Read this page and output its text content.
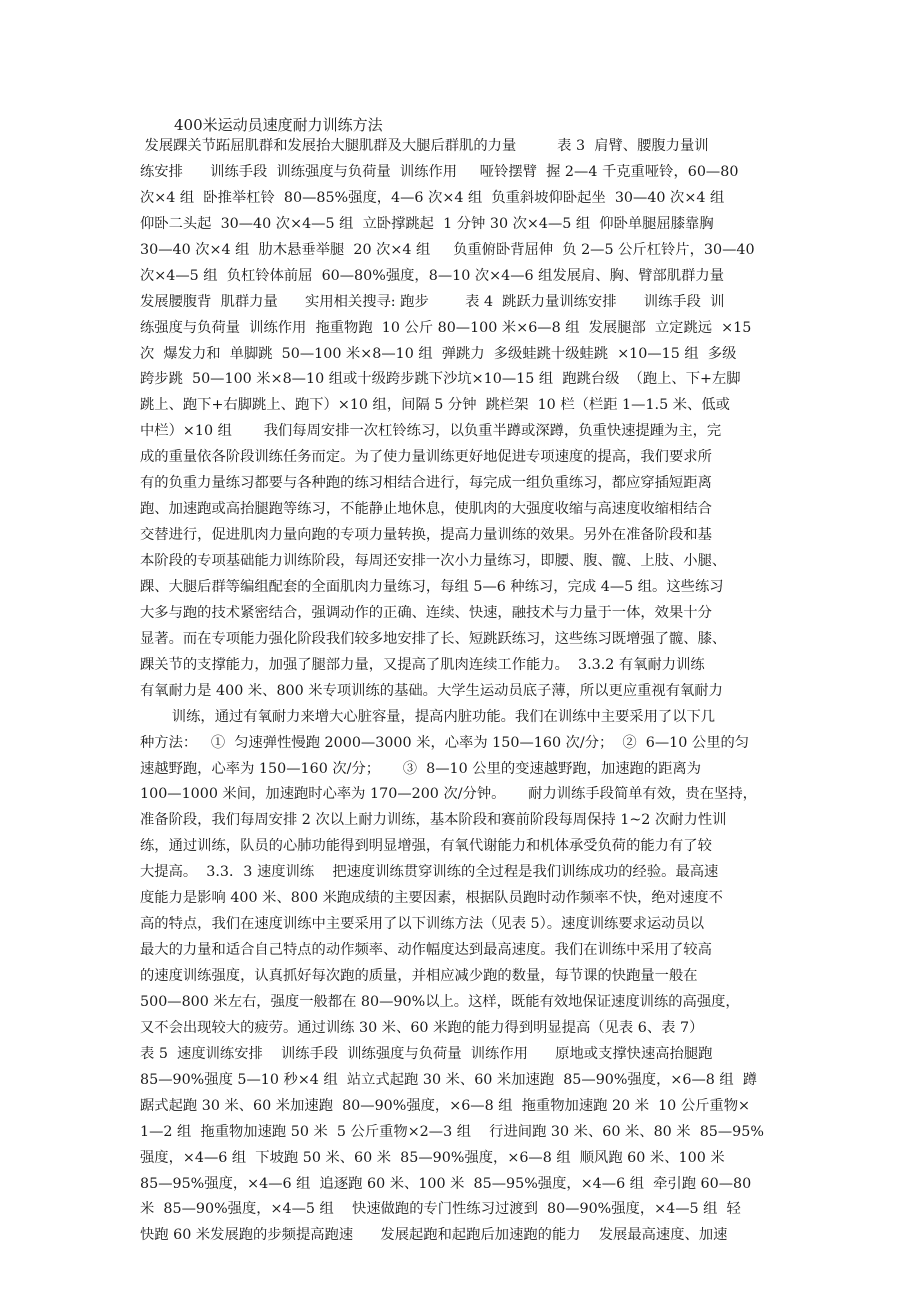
400米运动员速度耐力训练方法
发展踝关节跖屈肌群和发展抬大腿肌群及大腿后群肌的力量         表 3  肩臂、腰腹力量训
练安排      训练手段  训练强度与负荷量  训练作用     哑铃摆臂  握 2—4 千克重哑铃，60—80
次×4 组  卧推举杠铃  80—85%强度，4—6 次×4 组  负重斜坡仰卧起坐  30—40 次×4 组
仰卧二头起  30—40 次×4—5 组  立卧撑跳起  1 分钟 30 次×4—5 组  仰卧单腿屈膝靠胸
30—40 次×4 组  肋木悬垂举腿  20 次×4 组     负重俯卧背屈伸  负 2—5 公斤杠铃片，30—40
次×4—5 组  负杠铃体前屈  60—80%强度，8—10 次×4—6 组发展肩、胸、臂部肌群力量
发展腰腹背  肌群力量      实用相关搜寻: 跑步        表 4  跳跃力量训练安排      训练手段  训
练强度与负荷量  训练作用  拖重物跑  10 公斤 80—100 米×6—8 组  发展腿部  立定跳远  ×15
次  爆发力和  单脚跳  50—100 米×8—10 组  弹跳力  多级蛙跳十级蛙跳  ×10—15 组  多级
跨步跳  50—100 米×8—10 组或十级跨步跳下沙坑×10—15 组  跑跳台级  （跑上、下+左脚
跳上、跑下+右脚跳上、跑下）×10 组，间隔 5 分钟  跳栏架  10 栏（栏距 1—1.5 米、低或
中栏）×10 组       我们每周安排一次杠铃练习，以负重半蹲或深蹲，负重快速提踵为主，完
成的重量依各阶段训练任务而定。为了使力量训练更好地促进专项速度的提高，我们要求所
有的负重力量练习都要与各种跑的练习相结合进行，每完成一组负重练习，都应穿插短距离
跑、加速跑或高抬腿跑等练习，不能静止地休息，使肌肉的大强度收缩与高速度收缩相结合
交替进行，促进肌肉力量向跑的专项力量转换，提高力量训练的效果。另外在准备阶段和基
本阶段的专项基础能力训练阶段，每周还安排一次小力量练习，即腰、腹、髋、上肢、小腿、
踝、大腿后群等编组配套的全面肌肉力量练习，每组 5—6 种练习，完成 4—5 组。这些练习
大多与跑的技术紧密结合，强调动作的正确、连续、快速，融技术与力量于一体，效果十分
显著。而在专项能力强化阶段我们较多地安排了长、短跳跃练习，这些练习既增强了髋、膝、
踝关节的支撑能力，加强了腿部力量，又提高了肌肉连续工作能力。  3.3.2 有氧耐力训练
有氧耐力是 400 米、800 米专项训练的基础。大学生运动员底子薄，所以更应重视有氧耐力
训练，通过有氧耐力来增大心脏容量，提高内脏功能。我们在训练中主要采用了以下几
种方法：   ①  匀速弹性慢跑 2000—3000 米，心率为 150—160 次/分；  ②  6—10 公里的匀
速越野跑，心率为 150—160 次/分；     ③  8—10 公里的变速越野跑，加速跑的距离为
100—1000 米间，加速跑时心率为 170—200 次/分钟。     耐力训练手段简单有效，贵在坚持，
准备阶段，我们每周安排 2 次以上耐力训练，基本阶段和赛前阶段每周保持 1~2 次耐力性训
练，通过训练，队员的心肺功能得到明显增强，有氧代谢能力和机体承受负荷的能力有了较
大提高。  3.3．3 速度训练    把速度训练贯穿训练的全过程是我们训练成功的经验。最高速
度能力是影响 400 米、800 米跑成绩的主要因素，根据队员跑时动作频率不快，绝对速度不
高的特点，我们在速度训练中主要采用了以下训练方法（见表 5）。速度训练要求运动员以
最大的力量和适合自己特点的动作频率、动作幅度达到最高速度。我们在训练中采用了较高
的速度训练强度，认真抓好每次跑的质量，并相应减少跑的数量，每节课的快跑量一般在
500—800 米左右，强度一般都在 80—90%以上。这样，既能有效地保证速度训练的高强度，
又不会出现较大的疲劳。通过训练 30 米、60 米跑的能力得到明显提高（见表 6、表 7）
表 5  速度训练安排    训练手段  训练强度与负荷量  训练作用      原地或支撑快速高抬腿跑
85—90%强度 5—10 秒×4 组  站立式起跑 30 米、60 米加速跑  85—90%强度，×6—8 组  蹲
踞式起跑 30 米、60 米加速跑  80—90%强度，×6—8 组  拖重物加速跑 20 米  10 公斤重物×
1—2 组  拖重物加速跑 50 米  5 公斤重物×2—3 组    行进间跑 30 米、60 米、80 米  85—95%
强度，×4—6 组  下坡跑 50 米、60 米  85—90%强度，×6—8 组  顺风跑 60 米、100 米
85—95%强度，×4—6 组  追逐跑 60 米、100 米  85—95%强度，×4—6 组  牵引跑 60—80
米  85—90%强度，×4—5 组    快速做跑的专门性练习过渡到  80—90%强度，×4—5 组  轻
快跑 60 米发展跑的步频提高跑速      发展起跑和起跑后加速跑的能力    发展最高速度、加速
